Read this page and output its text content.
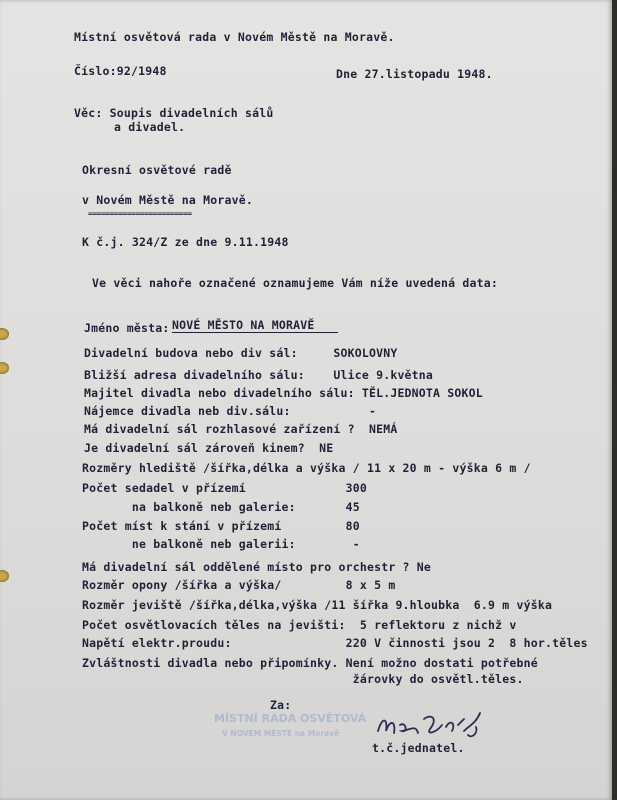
Místní osvětová rada v Novém Městě na Moravě.
Číslo:92/1948	Dne 27.listopadu 1948.
Věc: Soupis divadelních sálů
a divadel.
Okresní osvětové radě
v Novém Městě na Moravě.
========================
K č.j. 324/Z ze dne 9.11.1948
Ve věci nahoře označené oznamujeme Vám níže uvedená data:
Jméno města: NOVÉ MĚSTO NA MORAVĚ
Divadelní budova nebo div sál:     SOKOLOVNY
Bližší adresa divadelního sálu:    Ulice 9.května
Majitel divadla nebo divadelního sálu: TĚL.JEDNOTA SOKOL
Nájemce divadla neb div.sálu:           -
Má divadelní sál rozhlasové zařízení ?  NEMÁ
Je divadelní sál zároveň kinem?  NE
Rozměry hlediště /šířka,délka a výška / 11 x 20 m - výška 6 m /
Počet sedadel v přízemí              300
na balkoně neb galerie:       45
Počet míst k stání v přízemí         80
ne balkoně neb galerii:        -
Má divadelní sál oddělené místo pro orchestr ? Ne
Rozměr opony /šířka a výška/         8 x 5 m
Rozměr jeviště /šířka,délka,výška /11 šířka 9.hloubka  6.9 m výška
Počet osvětlovacích těles na jevišti:  5 reflektoru z nichž v
Napětí elektr.proudu:                220 V činnosti jsou 2  8 hor.těles
Zvláštnosti divadla nebo připomínky. Není možno dostati potřebné
žárovky do osvětl.těles.
Za:
MÍSTNÍ RADA OSVĚTOVÁ
V NOVÉM MĚSTĚ na Moravě
t.č.jednatel.
